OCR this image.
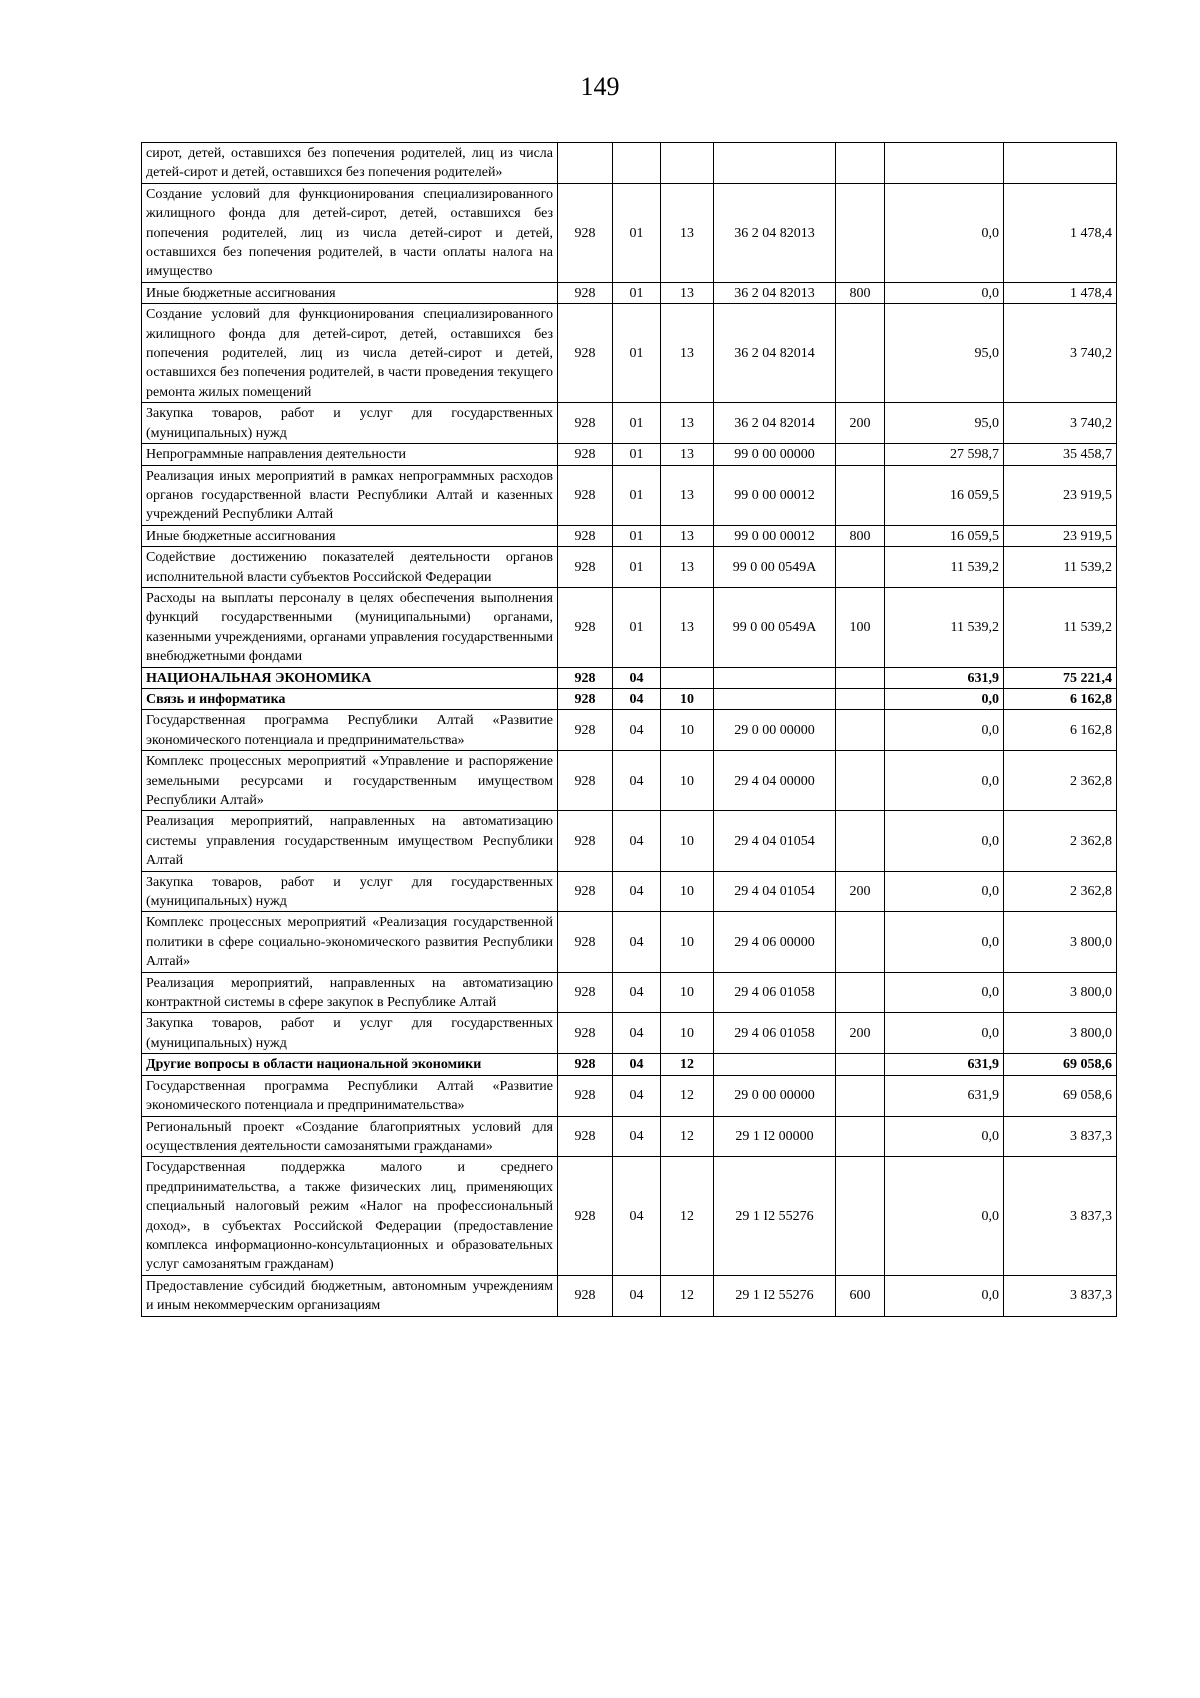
149
сирот, детей, оставшихся без попечения родителей, лиц из числа детей-сирот и детей, оставшихся без попечения родителей»							
Создание условий для функционирования специализированного жилищного фонда для детей-сирот, детей, оставшихся без попечения родителей, лиц из числа детей-сирот и детей, оставшихся без попечения родителей, в части оплаты налога на имущество	928	01	13	36 2 04 82013		0,0	1 478,4
Иные бюджетные ассигнования	928	01	13	36 2 04 82013	800	0,0	1 478,4
Создание условий для функционирования специализированного жилищного фонда для детей-сирот, детей, оставшихся без попечения родителей, лиц из числа детей-сирот и детей, оставшихся без попечения родителей, в части проведения текущего ремонта жилых помещений	928	01	13	36 2 04 82014		95,0	3 740,2
Закупка товаров, работ и услуг для государственных (муниципальных) нужд	928	01	13	36 2 04 82014	200	95,0	3 740,2
Непрограммные направления деятельности	928	01	13	99 0 00 00000		27 598,7	35 458,7
Реализация иных мероприятий в рамках непрограммных расходов органов государственной власти Республики Алтай и казенных учреждений Республики Алтай	928	01	13	99 0 00 00012		16 059,5	23 919,5
Иные бюджетные ассигнования	928	01	13	99 0 00 00012	800	16 059,5	23 919,5
Содействие достижению показателей деятельности органов исполнительной власти субъектов Российской Федерации	928	01	13	99 0 00 0549А		11 539,2	11 539,2
Расходы на выплаты персоналу в целях обеспечения выполнения функций государственными (муниципальными) органами, казенными учреждениями, органами управления государственными внебюджетными фондами	928	01	13	99 0 00 0549А	100	11 539,2	11 539,2
НАЦИОНАЛЬНАЯ ЭКОНОМИКА	928	04				631,9	75 221,4
Связь и информатика	928	04	10			0,0	6 162,8
Государственная программа Республики Алтай «Развитие экономического потенциала и предпринимательства»	928	04	10	29 0 00 00000		0,0	6 162,8
Комплекс процессных мероприятий «Управление и распоряжение земельными ресурсами и государственным имуществом Республики Алтай»	928	04	10	29 4 04 00000		0,0	2 362,8
Реализация мероприятий, направленных на автоматизацию системы управления государственным имуществом Республики Алтай	928	04	10	29 4 04 01054		0,0	2 362,8
Закупка товаров, работ и услуг для государственных (муниципальных) нужд	928	04	10	29 4 04 01054	200	0,0	2 362,8
Комплекс процессных мероприятий «Реализация государственной политики в сфере социально-экономического развития Республики Алтай»	928	04	10	29 4 06 00000		0,0	3 800,0
Реализация мероприятий, направленных на автоматизацию контрактной системы в сфере закупок в Республике Алтай	928	04	10	29 4 06 01058		0,0	3 800,0
Закупка товаров, работ и услуг для государственных (муниципальных) нужд	928	04	10	29 4 06 01058	200	0,0	3 800,0
Другие вопросы в области национальной экономики	928	04	12			631,9	69 058,6
Государственная программа Республики Алтай «Развитие экономического потенциала и предпринимательства»	928	04	12	29 0 00 00000		631,9	69 058,6
Региональный проект «Создание благоприятных условий для осуществления деятельности самозанятыми гражданами»	928	04	12	29 1 I2 00000		0,0	3 837,3
Государственная поддержка малого и среднего предпринимательства, а также физических лиц, применяющих специальный налоговый режим «Налог на профессиональный доход», в субъектах Российской Федерации (предоставление комплекса информационно-консультационных и образовательных услуг самозанятым гражданам)	928	04	12	29 1 I2 55276		0,0	3 837,3
Предоставление субсидий бюджетным, автономным учреждениям и иным некоммерческим организациям	928	04	12	29 1 I2 55276	600	0,0	3 837,3
